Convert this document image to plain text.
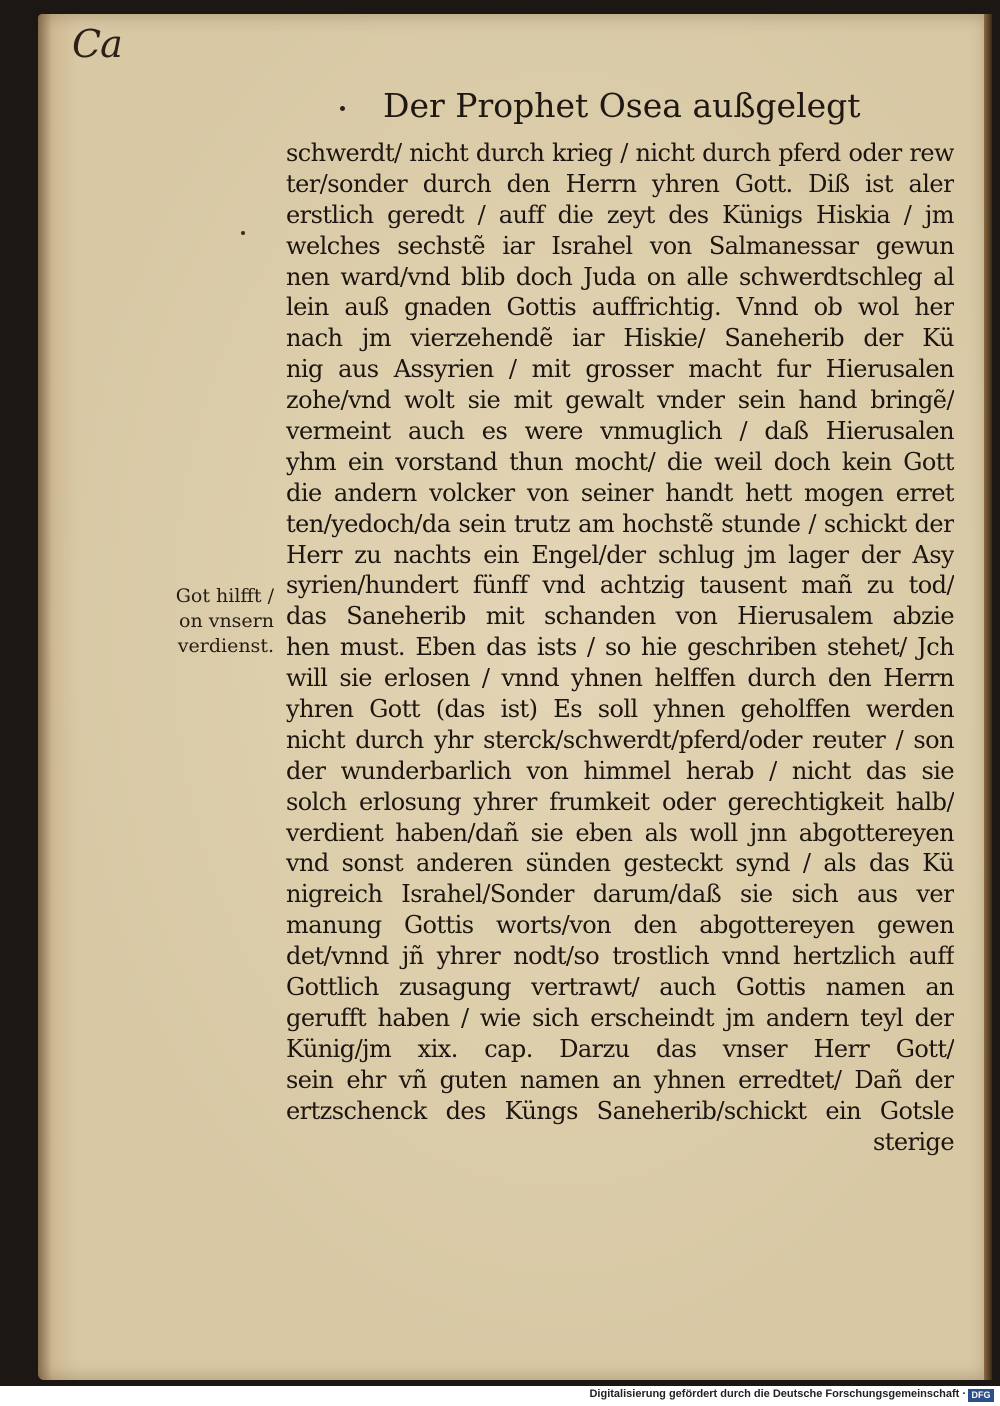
Ca
Der Prophet Osea außgelegt
Got hilfft /
on vnsern
verdienst.
schwerdt/ nicht durch krieg / nicht durch pferd oder rew
ter/sonder durch den Herrn yhren Gott. Diß ist aler
erstlich geredt / auff die zeyt des Künigs Hiskia / jm
welches sechstẽ iar Israhel von Salmanessar gewun
nen ward/vnd blib doch Juda on alle schwerdtschleg al
lein auß gnaden Gottis auffrichtig. Vnnd ob wol her
nach jm vierzehendẽ iar Hiskie/ Saneherib der Kü
nig aus Assyrien / mit grosser macht fur Hierusalen
zohe/vnd wolt sie mit gewalt vnder sein hand bringẽ/
vermeint auch es were vnmuglich / daß Hierusalen
yhm ein vorstand thun mocht/ die weil doch kein Gott
die andern volcker von seiner handt hett mogen erret
ten/yedoch/da sein trutz am hochstẽ stunde / schickt der
Herr zu nachts ein Engel/der schlug jm lager der Asy
syrien/hundert fünff vnd achtzig tausent mañ zu tod/
das Saneherib mit schanden von Hierusalem abzie
hen must. Eben das ists / so hie geschriben stehet/ Jch
will sie erlosen / vnnd yhnen helffen durch den Herrn
yhren Gott (das ist) Es soll yhnen geholffen werden
nicht durch yhr sterck/schwerdt/pferd/oder reuter / son
der wunderbarlich von himmel herab / nicht das sie
solch erlosung yhrer frumkeit oder gerechtigkeit halb/
verdient haben/dañ sie eben als woll jnn abgottereyen
vnd sonst anderen sünden gesteckt synd / als das Kü
nigreich Israhel/Sonder darum/daß sie sich aus ver
manung Gottis worts/von den abgottereyen gewen
det/vnnd jñ yhrer nodt/so trostlich vnnd hertzlich auff
Gottlich zusagung vertrawt/ auch Gottis namen an
gerufft haben / wie sich erscheindt jm andern teyl der
Künig/jm xix. cap. Darzu das vnser Herr Gott/
sein ehr vñ guten namen an yhnen erredtet/ Dañ der
ertzschenck des Küngs Saneherib/schickt ein Gotsle
sterige
Digitalisierung gefördert durch die Deutsche Forschungsgemeinschaft · DFG
